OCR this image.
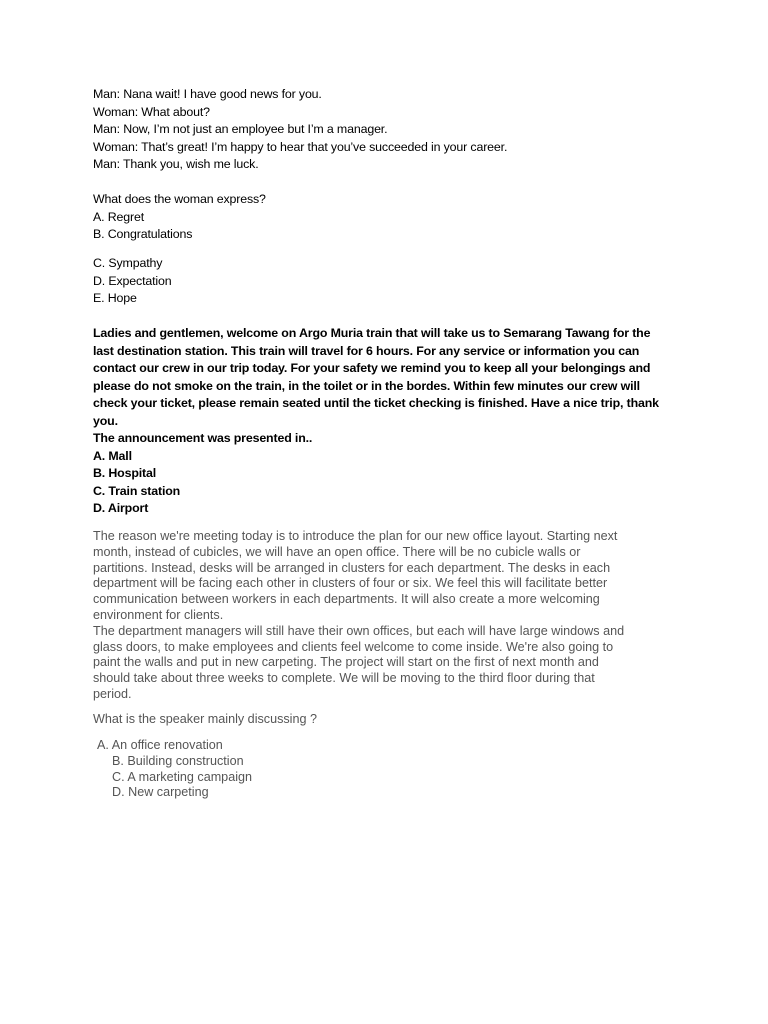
Man: Nana wait! I have good news for you.
Woman: What about?
Man: Now, I’m not just an employee but I’m a manager.
Woman: That’s great! I’m happy to hear that you’ve succeeded in your career.
Man: Thank you, wish me luck.
What does the woman express?
A. Regret
B. Congratulations
C. Sympathy
D. Expectation
E. Hope
Ladies and gentlemen, welcome on Argo Muria train that will take us to Semarang Tawang for the
last destination station. This train will travel for 6 hours. For any service or information you can
contact our crew in our trip today. For your safety we remind you to keep all your belongings and
please do not smoke on the train, in the toilet or in the bordes. Within few minutes our crew will
check your ticket, please remain seated until the ticket checking is finished. Have a nice trip, thank
you.
The announcement was presented in..
A. Mall
B. Hospital
C. Train station
D. Airport
The reason we're meeting today is to introduce the plan for our new office layout. Starting next
month, instead of cubicles, we will have an open office. There will be no cubicle walls or
partitions. Instead, desks will be arranged in clusters for each department. The desks in each
department will be facing each other in clusters of four or six. We feel this will facilitate better
communication between workers in each departments. It will also create a more welcoming
environment for clients.
The department managers will still have their own offices, but each will have large windows and
glass doors, to make employees and clients feel welcome to come inside. We're also going to
paint the walls and put in new carpeting. The project will start on the first of next month and
should take about three weeks to complete. We will be moving to the third floor during that
period.
What is the speaker mainly discussing ?
A. An office renovation
B. Building construction
C. A marketing campaign
D. New carpeting
